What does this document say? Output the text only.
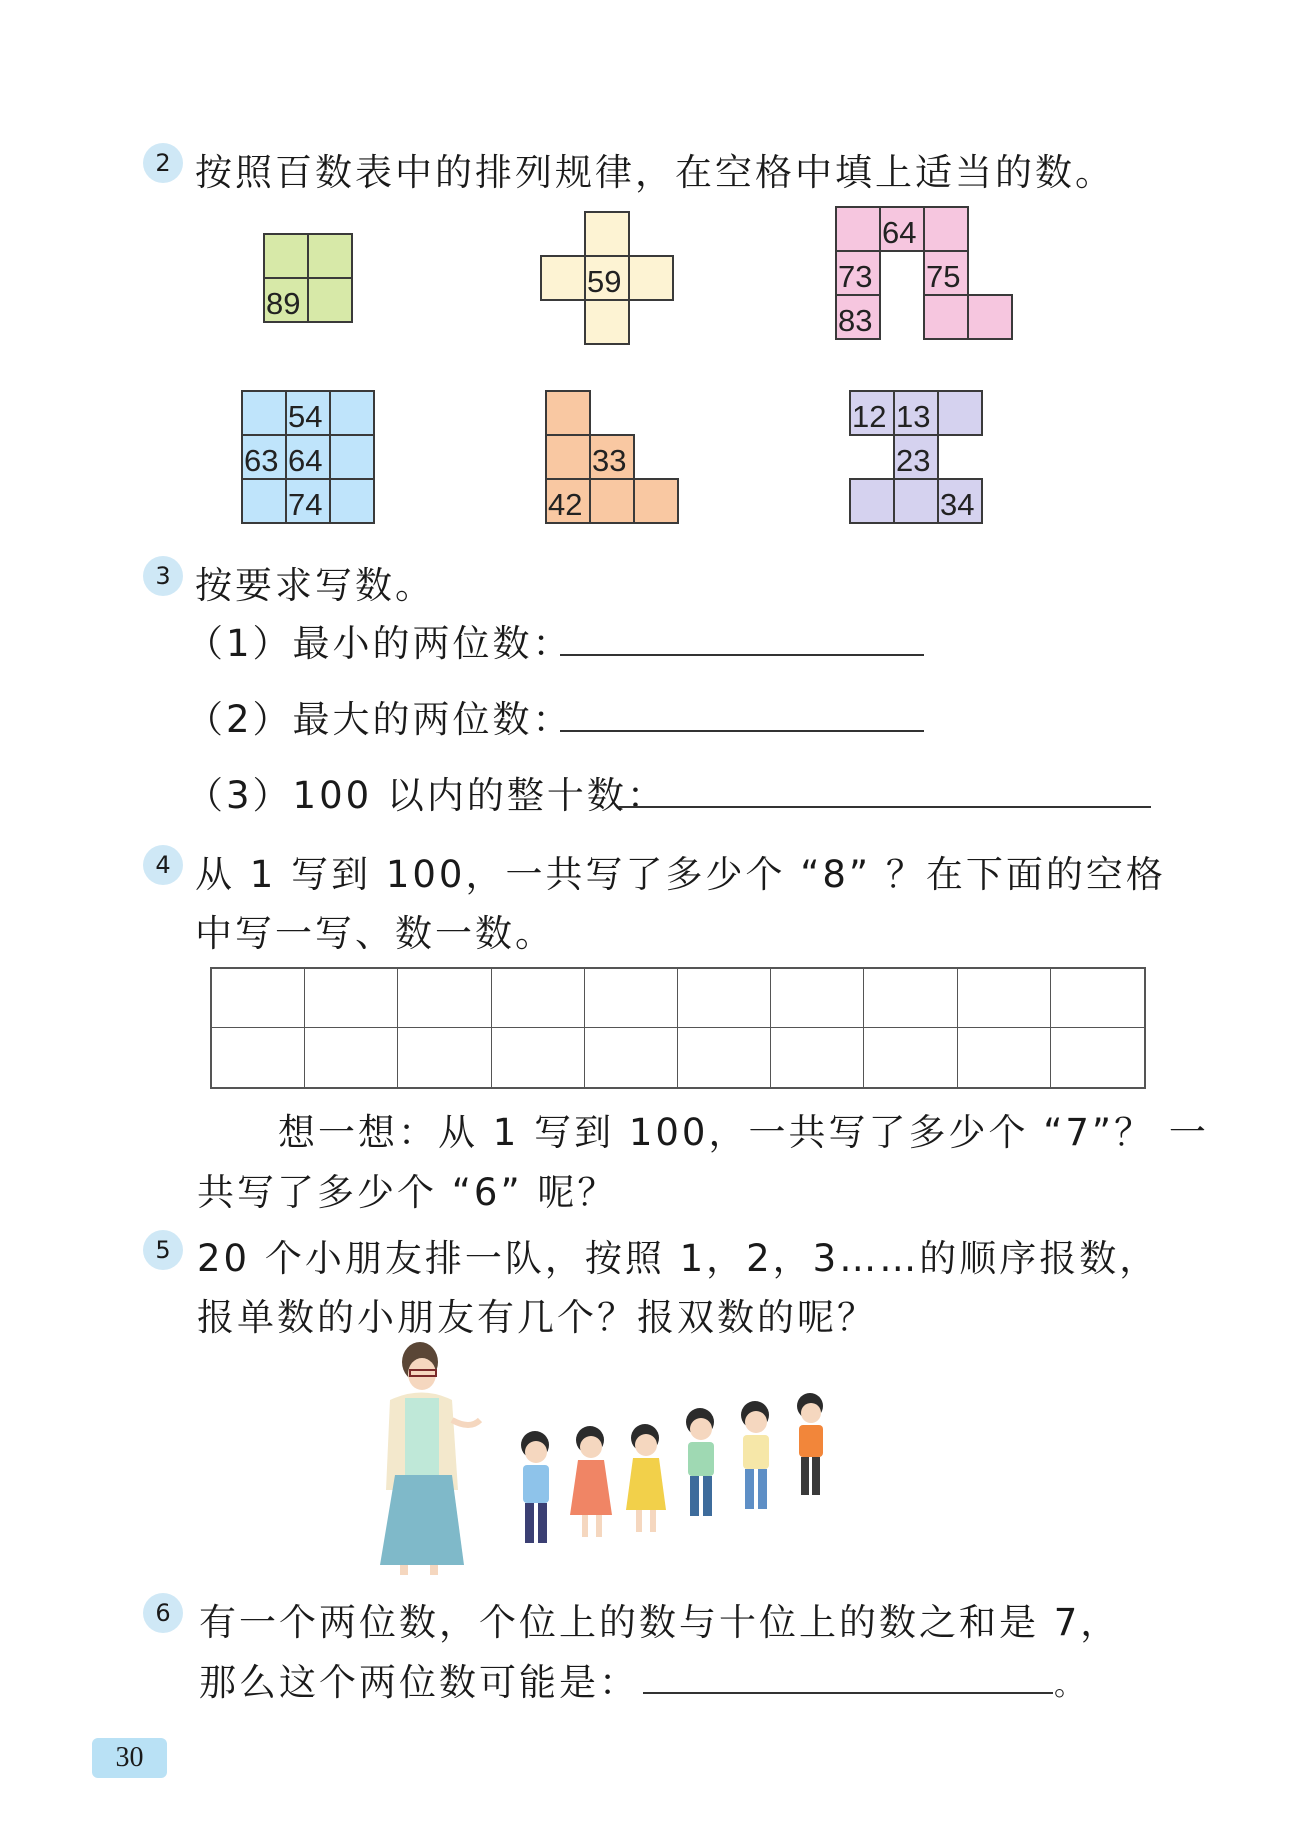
2 按照百数表中的排列规律，在空格中填上适当的数。
89
59
64
73 75
83
54
63 64
74
33
42
12 13
23
34
3 按要求写数。
（1）最小的两位数：
（2）最大的两位数：
（3）100 以内的整十数：
4 从 1 写到 100，一共写了多少个 “8” ？在下面的空格
中写一写、数一数。
想一想：从 1 写到 100，一共写了多少个 “7”？ 一
共写了多少个 “6” 呢？
5 20 个小朋友排一队，按照 1，2，3……的顺序报数，
报单数的小朋友有几个？报双数的呢？
6 有一个两位数，个位上的数与十位上的数之和是 7，
那么这个两位数可能是：	。
30
